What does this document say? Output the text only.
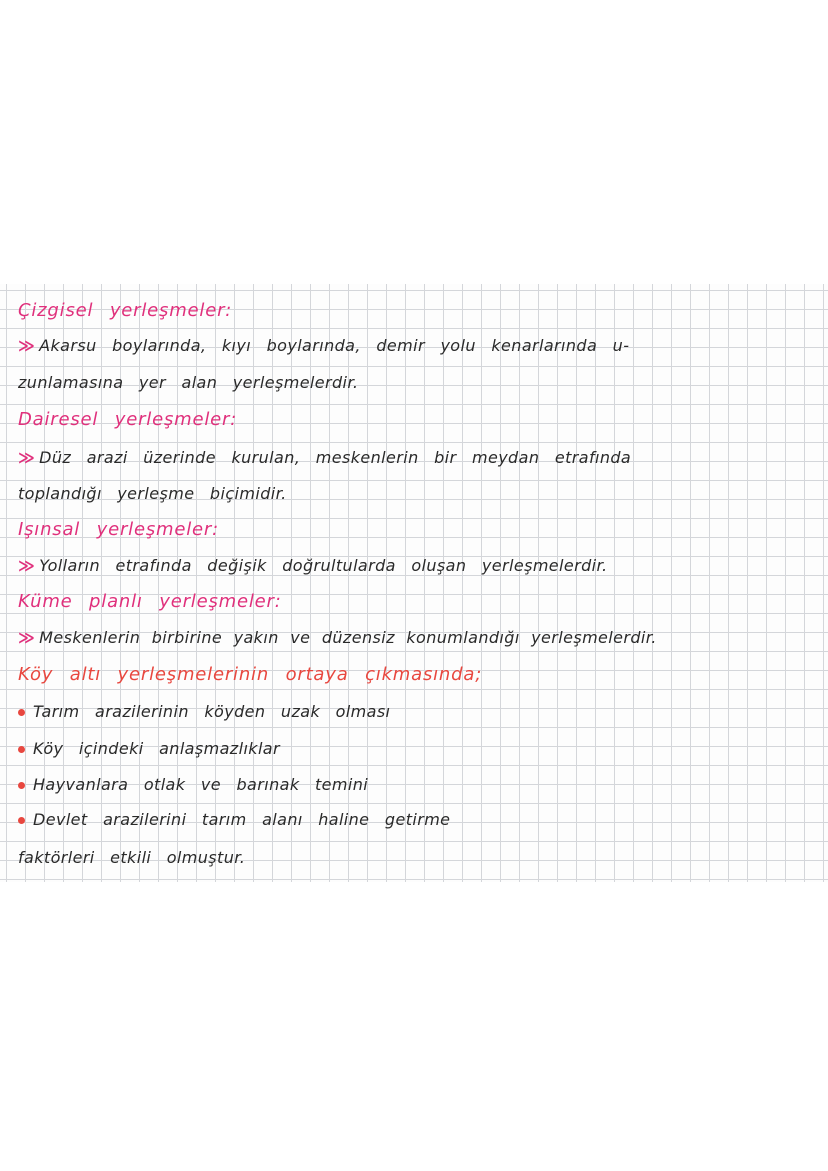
Çizgisel yerleşmeler:
≫ Akarsu boylarında, kıyı boylarında, demir yolu kenarlarında u-
zunlamasına yer alan yerleşmelerdir.
Dairesel yerleşmeler:
≫ Düz arazi üzerinde kurulan, meskenlerin bir meydan etrafında
toplandığı yerleşme biçimidir.
Işınsal yerleşmeler:
≫ Yolların etrafında değişik doğrultularda oluşan yerleşmelerdir.
Küme planlı yerleşmeler:
≫ Meskenlerin birbirine yakın ve düzensiz konumlandığı yerleşmelerdir.
Köy altı yerleşmelerinin ortaya çıkmasında;
Tarım arazilerinin köyden uzak olması
Köy içindeki anlaşmazlıklar
Hayvanlara otlak ve barınak temini
Devlet arazilerini tarım alanı haline getirme
faktörleri etkili olmuştur.
